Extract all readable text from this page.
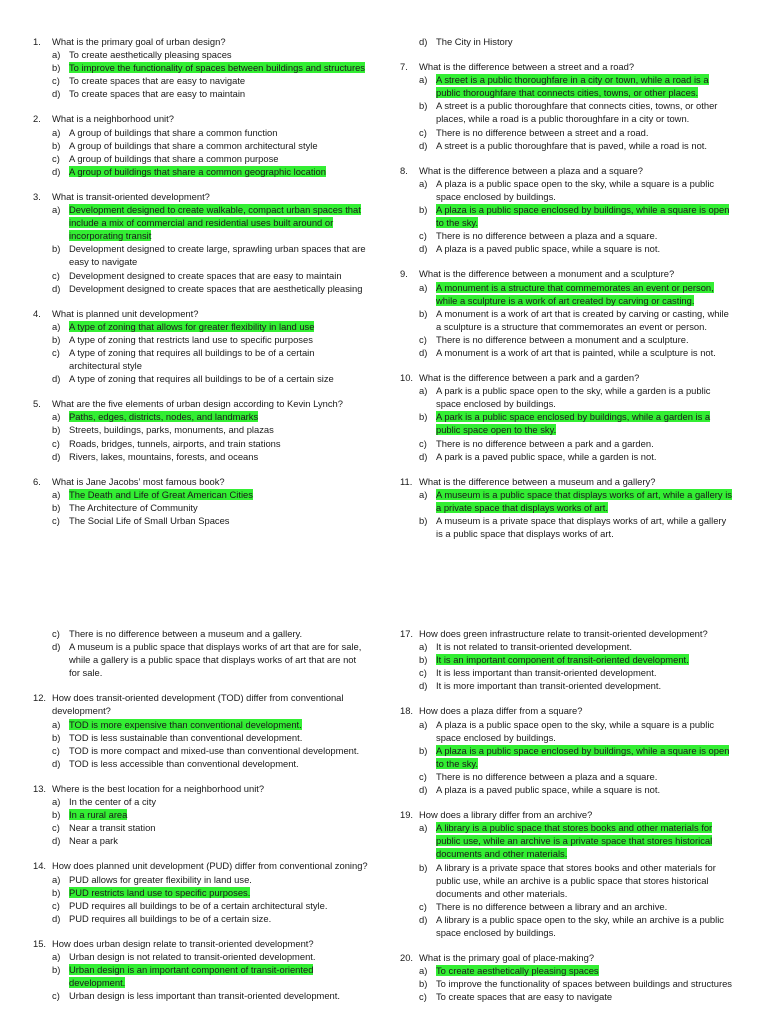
1.	What is the primary goal of urban design?
a) To create aesthetically pleasing spaces
b) To improve the functionality of spaces between buildings and structures
c) To create spaces that are easy to navigate
d) To create spaces that are easy to maintain
2.	What is a neighborhood unit?
a) A group of buildings that share a common function
b) A group of buildings that share a common architectural style
c) A group of buildings that share a common purpose
d) A group of buildings that share a common geographic location
3.	What is transit-oriented development?
a) Development designed to create walkable, compact urban spaces that include a mix of commercial and residential uses built around or incorporating transit
b) Development designed to create large, sprawling urban spaces that are easy to navigate
c) Development designed to create spaces that are easy to maintain
d) Development designed to create spaces that are aesthetically pleasing
4.	What is planned unit development?
a) A type of zoning that allows for greater flexibility in land use
b) A type of zoning that restricts land use to specific purposes
c) A type of zoning that requires all buildings to be of a certain architectural style
d) A type of zoning that requires all buildings to be of a certain size
5.	What are the five elements of urban design according to Kevin Lynch?
a) Paths, edges, districts, nodes, and landmarks
b) Streets, buildings, parks, monuments, and plazas
c) Roads, bridges, tunnels, airports, and train stations
d) Rivers, lakes, mountains, forests, and oceans
6.	What is Jane Jacobs’ most famous book?
a) The Death and Life of Great American Cities
b) The Architecture of Community
c) The Social Life of Small Urban Spaces
d) The City in History
7.	What is the difference between a street and a road?
a) A street is a public thoroughfare in a city or town, while a road is a public thoroughfare that connects cities, towns, or other places.
b) A street is a public thoroughfare that connects cities, towns, or other places, while a road is a public thoroughfare in a city or town.
c) There is no difference between a street and a road.
d) A street is a public thoroughfare that is paved, while a road is not.
8.	What is the difference between a plaza and a square?
a) A plaza is a public space open to the sky, while a square is a public space enclosed by buildings.
b) A plaza is a public space enclosed by buildings, while a square is open to the sky.
c) There is no difference between a plaza and a square.
d) A plaza is a paved public space, while a square is not.
9.	What is the difference between a monument and a sculpture?
a) A monument is a structure that commemorates an event or person, while a sculpture is a work of art created by carving or casting.
b) A monument is a work of art that is created by carving or casting, while a sculpture is a structure that commemorates an event or person.
c) There is no difference between a monument and a sculpture.
d) A monument is a work of art that is painted, while a sculpture is not.
10. What is the difference between a park and a garden?
a) A park is a public space open to the sky, while a garden is a public space enclosed by buildings.
b) A park is a public space enclosed by buildings, while a garden is a public space open to the sky.
c) There is no difference between a park and a garden.
d) A park is a paved public space, while a garden is not.
11. What is the difference between a museum and a gallery?
a) A museum is a public space that displays works of art, while a gallery is a private space that displays works of art.
b) A museum is a private space that displays works of art, while a gallery is a public space that displays works of art.
c) There is no difference between a museum and a gallery.
d) A museum is a public space that displays works of art that are for sale, while a gallery is a public space that displays works of art that are not for sale.
12. How does transit-oriented development (TOD) differ from conventional development?
a) TOD is more expensive than conventional development.
b) TOD is less sustainable than conventional development.
c) TOD is more compact and mixed-use than conventional development.
d) TOD is less accessible than conventional development.
13. Where is the best location for a neighborhood unit?
a) In the center of a city
b) In a rural area
c) Near a transit station
d) Near a park
14. How does planned unit development (PUD) differ from conventional zoning?
a) PUD allows for greater flexibility in land use.
b) PUD restricts land use to specific purposes.
c) PUD requires all buildings to be of a certain architectural style.
d) PUD requires all buildings to be of a certain size.
15. How does urban design relate to transit-oriented development?
a) Urban design is not related to transit-oriented development.
b) Urban design is an important component of transit-oriented development.
c) Urban design is less important than transit-oriented development.
17. How does green infrastructure relate to transit-oriented development?
a) It is not related to transit-oriented development.
b) It is an important component of transit-oriented development.
c) It is less important than transit-oriented development.
d) It is more important than transit-oriented development.
18. How does a plaza differ from a square?
a) A plaza is a public space open to the sky, while a square is a public space enclosed by buildings.
b) A plaza is a public space enclosed by buildings, while a square is open to the sky.
c) There is no difference between a plaza and a square.
d) A plaza is a paved public space, while a square is not.
19. How does a library differ from an archive?
a) A library is a public space that stores books and other materials for public use, while an archive is a private space that stores historical documents and other materials.
b) A library is a private space that stores books and other materials for public use, while an archive is a public space that stores historical documents and other materials.
c) There is no difference between a library and an archive.
d) A library is a public space open to the sky, while an archive is a public space enclosed by buildings.
20. What is the primary goal of place-making?
a) To create aesthetically pleasing spaces
b) To improve the functionality of spaces between buildings and structures
c) To create spaces that are easy to navigate
